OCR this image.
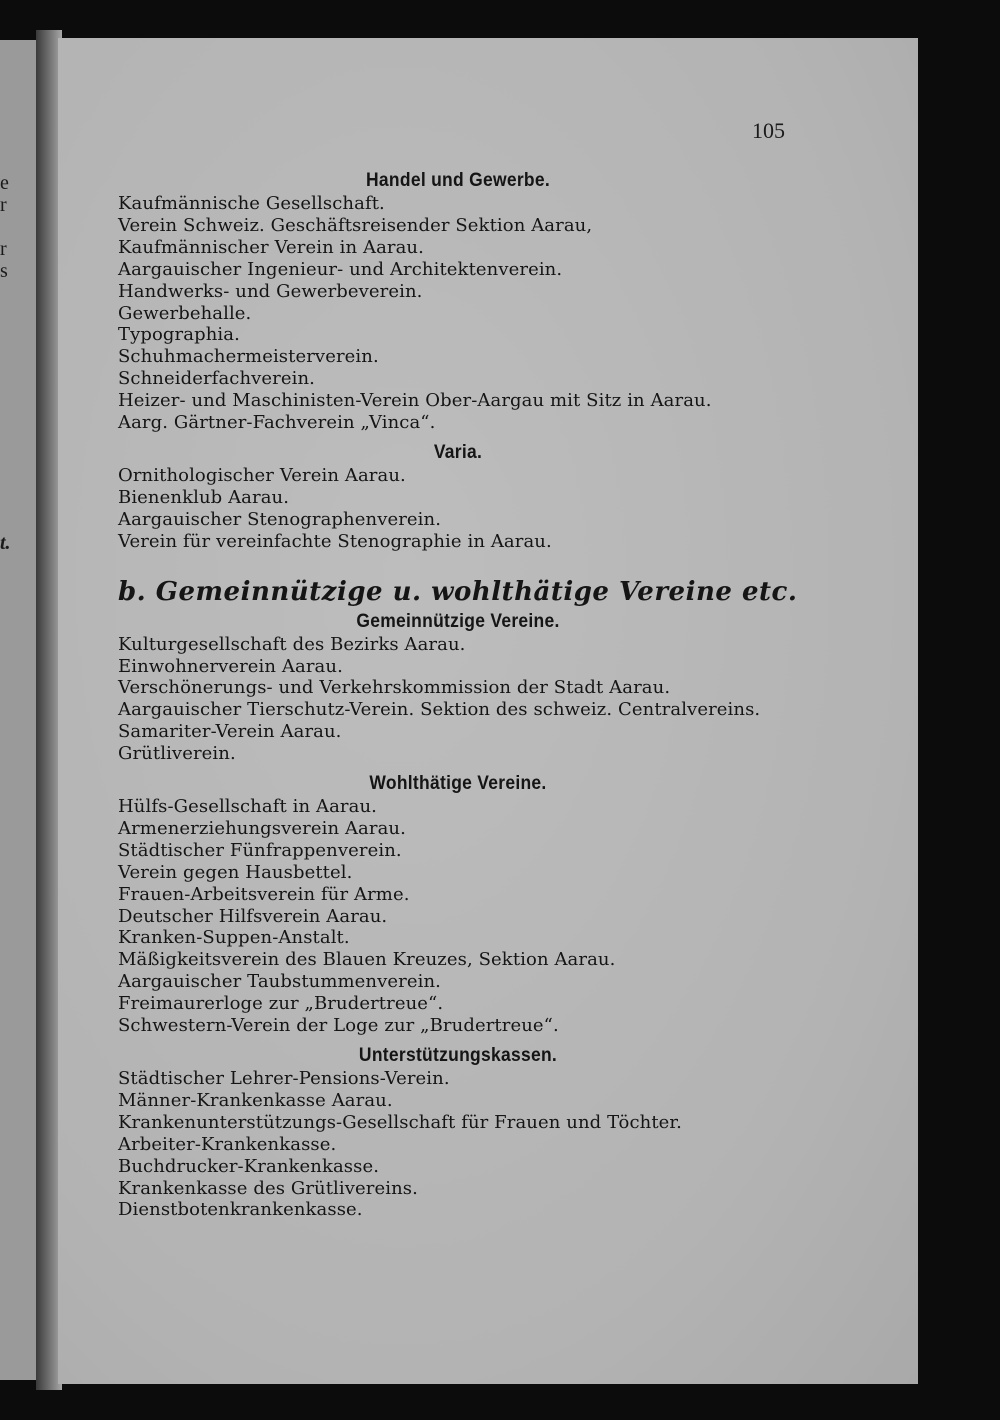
e
r
r
s
t.
105
Handel und Gewerbe.
Kaufmännische Gesellschaft.
Verein Schweiz. Geschäftsreisender Sektion Aarau,
Kaufmännischer Verein in Aarau.
Aargauischer Ingenieur- und Architektenverein.
Handwerks- und Gewerbeverein.
Gewerbehalle.
Typographia.
Schuhmachermeisterverein.
Schneiderfachverein.
Heizer- und Maschinisten-Verein Ober-Aargau mit Sitz in Aarau.
Aarg. Gärtner-Fachverein „Vinca“.
Varia.
Ornithologischer Verein Aarau.
Bienenklub Aarau.
Aargauischer Stenographenverein.
Verein für vereinfachte Stenographie in Aarau.
b. Gemeinnützige u. wohlthätige Vereine etc.
Gemeinnützige Vereine.
Kulturgesellschaft des Bezirks Aarau.
Einwohnerverein Aarau.
Verschönerungs- und Verkehrskommission der Stadt Aarau.
Aargauischer Tierschutz-Verein. Sektion des schweiz. Centralvereins.
Samariter-Verein Aarau.
Grütliverein.
Wohlthätige Vereine.
Hülfs-Gesellschaft in Aarau.
Armenerziehungsverein Aarau.
Städtischer Fünfrappenverein.
Verein gegen Hausbettel.
Frauen-Arbeitsverein für Arme.
Deutscher Hilfsverein Aarau.
Kranken-Suppen-Anstalt.
Mäßigkeitsverein des Blauen Kreuzes, Sektion Aarau.
Aargauischer Taubstummenverein.
Freimaurerloge zur „Brudertreue“.
Schwestern-Verein der Loge zur „Brudertreue“.
Unterstützungskassen.
Städtischer Lehrer-Pensions-Verein.
Männer-Krankenkasse Aarau.
Krankenunterstützungs-Gesellschaft für Frauen und Töchter.
Arbeiter-Krankenkasse.
Buchdrucker-Krankenkasse.
Krankenkasse des Grütlivereins.
Dienstbotenkrankenkasse.
